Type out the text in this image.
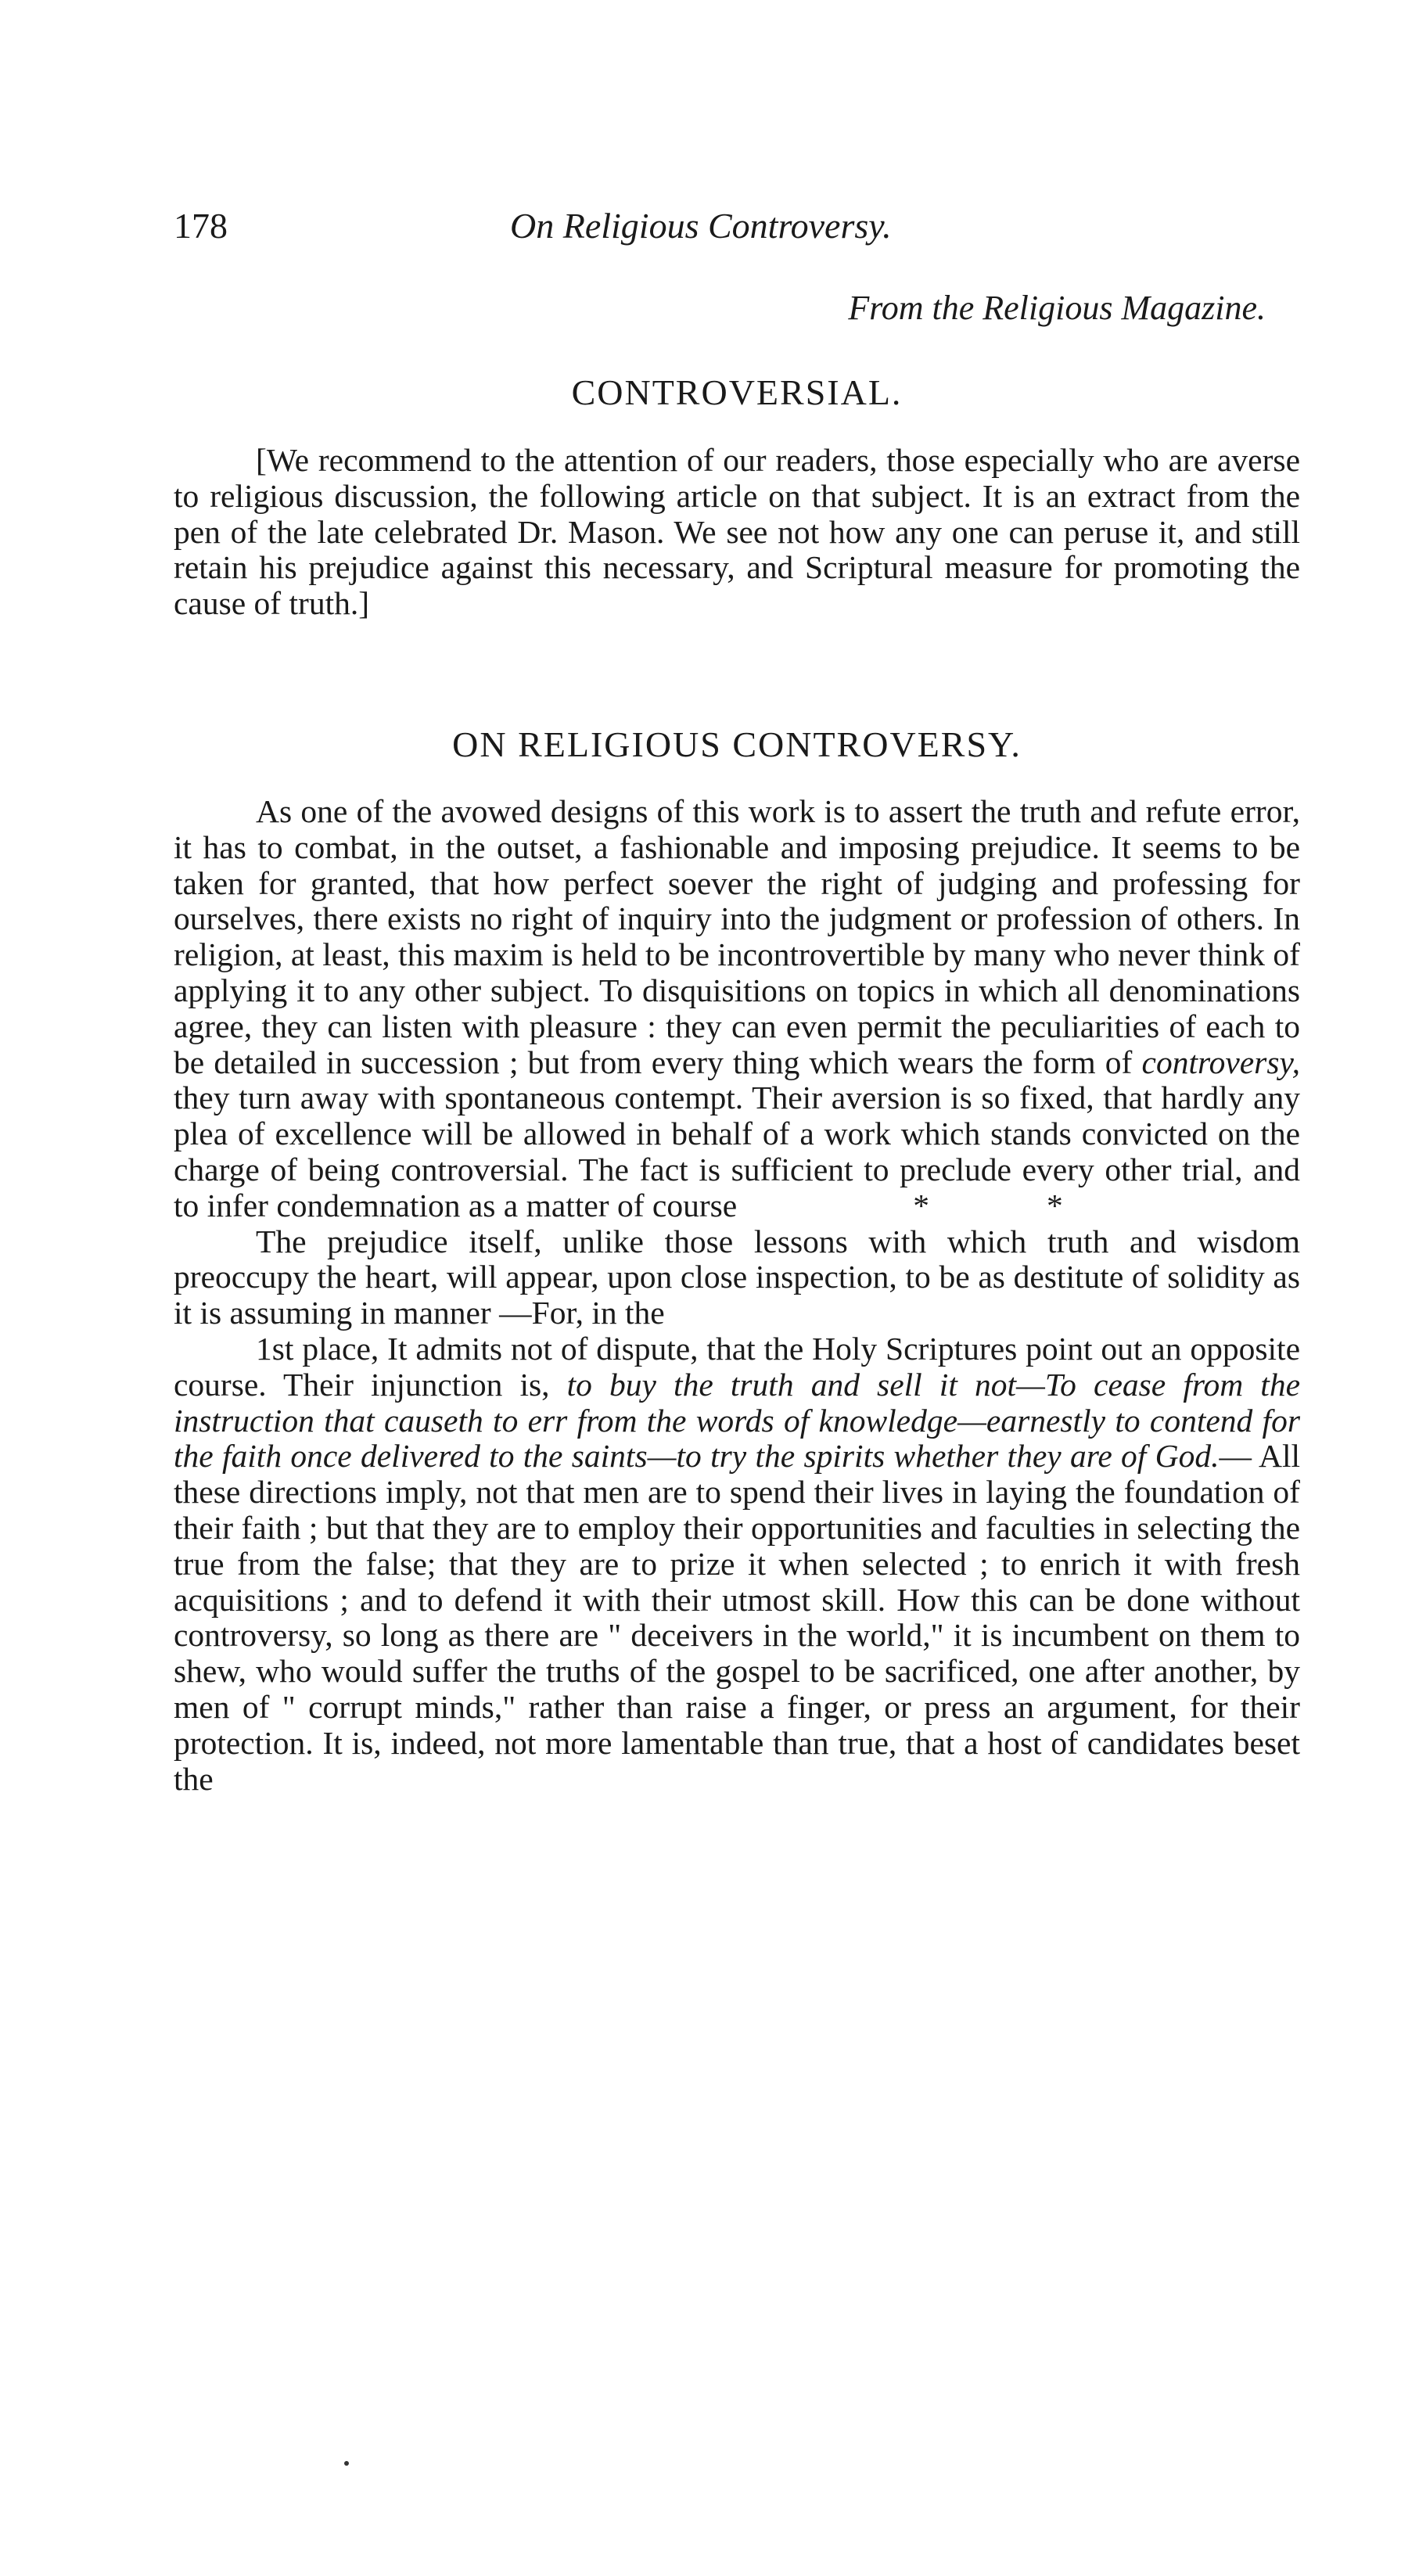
178	On Religious Controversy.
From the Religious Magazine.
CONTROVERSIAL.

[We recommend to the attention of our readers, those especially who are averse to religious discussion, the following article on that subject. It is an extract from the pen of the late celebrated Dr. Mason. We see not how any one can peruse it, and still retain his prejudice against this necessary, and Scriptural measure for promoting the cause of truth.]

ON RELIGIOUS CONTROVERSY.

As one of the avowed designs of this work is to assert the truth and refute error, it has to combat, in the outset, a fashionable and imposing prejudice. It seems to be taken for granted, that how perfect soever the right of judging and professing for ourselves, there exists no right of inquiry into the judgment or profession of others. In religion, at least, this maxim is held to be incontrovertible by many who never think of applying it to any other subject. To disquisitions on topics in which all denominations agree, they can listen with pleasure : they can even permit the peculiarities of each to be detailed in succession ; but from every thing which wears the form of controversy, they turn away with spontaneous contempt. Their aversion is so fixed, that hardly any plea of excellence will be allowed in behalf of a work which stands convicted on the charge of being controversial. The fact is sufficient to preclude every other trial, and to infer condemnation as a matter of course	*	*

The prejudice itself, unlike those lessons with which truth and wisdom preoccupy the heart, will appear, upon close inspection, to be as destitute of solidity as it is assuming in manner —For, in the

1st place, It admits not of dispute, that the Holy Scriptures point out an opposite course. Their injunction is, to buy the truth and sell it not—To cease from the instruction that causeth to err from the words of knowledge—earnestly to contend for the faith once delivered to the saints—to try the spirits whether they are of God.— All these directions imply, not that men are to spend their lives in laying the foundation of their faith ; but that they are to employ their opportunities and faculties in selecting the true from the false; that they are to prize it when selected ; to enrich it with fresh acquisitions ; and to defend it with their utmost skill. How this can be done without controversy, so long as there are " deceivers in the world," it is incumbent on them to shew, who would suffer the truths of the gospel to be sacrificed, one after another, by men of " corrupt minds," rather than raise a finger, or press an argument, for their protection. It is, indeed, not more lamentable than true, that a host of candidates beset the
